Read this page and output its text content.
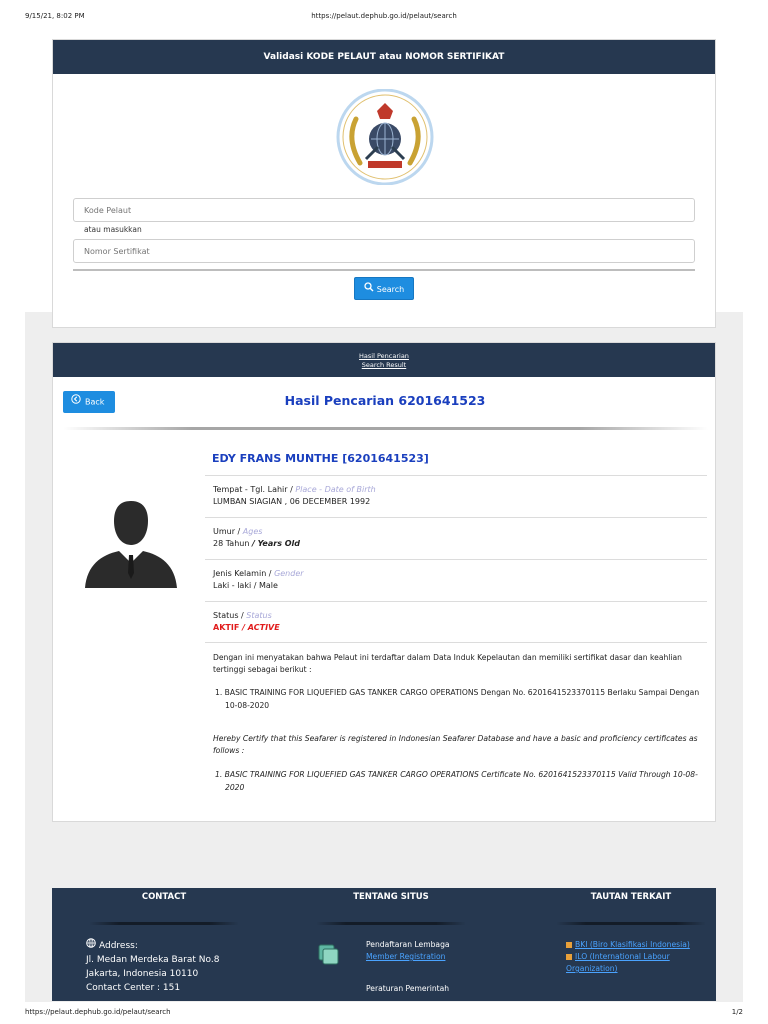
9/15/21, 8:02 PM	https://pelaut.dephub.go.id/pelaut/search
Validasi KODE PELAUT atau NOMOR SERTIFIKAT
Kode Pelaut
atau masukkan
Nomor Sertifikat
Search
Hasil Pencarian
Search Result
Hasil Pencarian 6201641523
Back
EDY FRANS MUNTHE [6201641523]
Tempat - Tgl. Lahir / Place - Date of Birth
LUMBAN SIAGIAN , 06 DECEMBER 1992
Umur / Ages
28 Tahun / Years Old
Jenis Kelamin / Gender
Laki - laki / Male
Status / Status
AKTIF / ACTIVE
Dengan ini menyatakan bahwa Pelaut ini terdaftar dalam Data Induk Kepelautan dan memiliki sertifikat dasar dan keahlian tertinggi sebagai berikut :
1. BASIC TRAINING FOR LIQUEFIED GAS TANKER CARGO OPERATIONS Dengan No. 6201641523370115 Berlaku Sampai Dengan 10-08-2020
Hereby Certify that this Seafarer is registered in Indonesian Seafarer Database and have a basic and proficiency certificates as follows :
1. BASIC TRAINING FOR LIQUEFIED GAS TANKER CARGO OPERATIONS Certificate No. 6201641523370115 Valid Through 10-08-2020
CONTACT	TENTANG SITUS	TAUTAN TERKAIT
Address:
Jl. Medan Merdeka Barat No.8
Jakarta, Indonesia 10110
Contact Center : 151
Pendaftaran Lembaga
Member Registration
Peraturan Pemerintah
BKI (Biro Klasifikasi Indonesia)
ILO (International Labour Organization)
https://pelaut.dephub.go.id/pelaut/search	1/2
